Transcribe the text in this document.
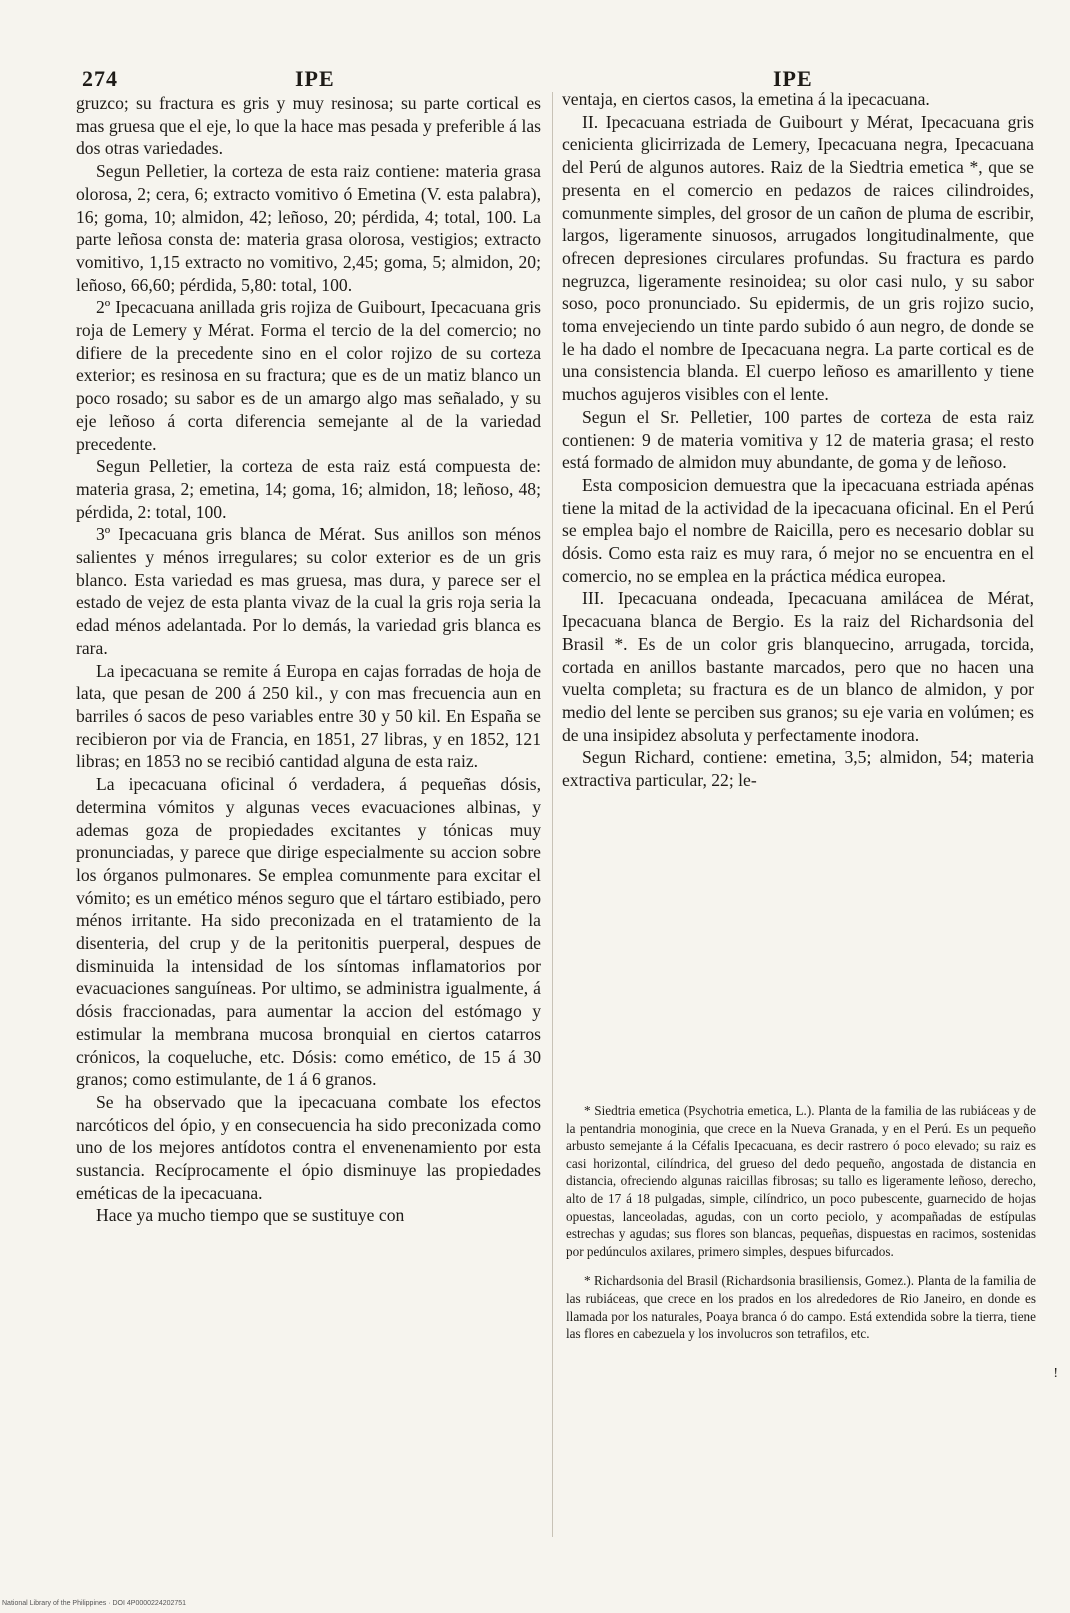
274	IPE	IPE

gruzco; su fractura es gris y muy resinosa; su parte cortical es mas gruesa que el eje, lo que la hace mas pesada y preferible á las dos otras variedades.

Segun Pelletier, la corteza de esta raiz contiene: materia grasa olorosa, 2; cera, 6; extracto vomitivo ó Emetina (V. esta palabra), 16; goma, 10; almidon, 42; leñoso, 20; pérdida, 4; total, 100. La parte leñosa consta de: materia grasa olorosa, vestigios; extracto vomitivo, 1,15 extracto no vomitivo, 2,45; goma, 5; almidon, 20; leñoso, 66,60; pérdida, 5,80: total, 100.

2º Ipecacuana anillada gris rojiza de Guibourt, Ipecacuana gris roja de Lemery y Mérat. Forma el tercio de la del comercio; no difiere de la precedente sino en el color rojizo de su corteza exterior; es resinosa en su fractura; que es de un matiz blanco un poco rosado; su sabor es de un amargo algo mas señalado, y su eje leñoso á corta diferencia semejante al de la variedad precedente.

Segun Pelletier, la corteza de esta raiz está compuesta de: materia grasa, 2; emetina, 14; goma, 16; almidon, 18; leñoso, 48; pérdida, 2: total, 100.

3º Ipecacuana gris blanca de Mérat. Sus anillos son ménos salientes y ménos irregulares; su color exterior es de un gris blanco. Esta variedad es mas gruesa, mas dura, y parece ser el estado de vejez de esta planta vivaz de la cual la gris roja seria la edad ménos adelantada. Por lo demás, la variedad gris blanca es rara.

La ipecacuana se remite á Europa en cajas forradas de hoja de lata, que pesan de 200 á 250 kil., y con mas frecuencia aun en barriles ó sacos de peso variables entre 30 y 50 kil. En España se recibieron por via de Francia, en 1851, 27 libras, y en 1852, 121 libras; en 1853 no se recibió cantidad alguna de esta raiz.

La ipecacuana oficinal ó verdadera, á pequeñas dósis, determina vómitos y algunas veces evacuaciones albinas, y ademas goza de propiedades excitantes y tónicas muy pronunciadas, y parece que dirige especialmente su accion sobre los órganos pulmonares. Se emplea comunmente para excitar el vómito; es un emético ménos seguro que el tártaro estibiado, pero ménos irritante. Ha sido preconizada en el tratamiento de la disenteria, del crup y de la peritonitis puerperal, despues de disminuida la intensidad de los síntomas inflamatorios por evacuaciones sanguíneas. Por ultimo, se administra igualmente, á dósis fraccionadas, para aumentar la accion del estómago y estimular la membrana mucosa bronquial en ciertos catarros crónicos, la coqueluche, etc. Dósis: como emético, de 15 á 30 granos; como estimulante, de 1 á 6 granos.

Se ha observado que la ipecacuana combate los efectos narcóticos del ópio, y en consecuencia ha sido preconizada como uno de los mejores antídotos contra el envenenamiento por esta sustancia. Recíprocamente el ópio disminuye las propiedades eméticas de la ipecacuana.

Hace ya mucho tiempo que se sustituye con

ventaja, en ciertos casos, la emetina á la ipecacuana.

II. Ipecacuana estriada de Guibourt y Mérat, Ipecacuana gris cenicienta glicirrizada de Lemery, Ipecacuana negra, Ipecacuana del Perú de algunos autores. Raiz de la Siedtria emetica *, que se presenta en el comercio en pedazos de raices cilindroides, comunmente simples, del grosor de un cañon de pluma de escribir, largos, ligeramente sinuosos, arrugados longitudinalmente, que ofrecen depresiones circulares profundas. Su fractura es pardo negruzca, ligeramente resinoidea; su olor casi nulo, y su sabor soso, poco pronunciado. Su epidermis, de un gris rojizo sucio, toma envejeciendo un tinte pardo subido ó aun negro, de donde se le ha dado el nombre de Ipecacuana negra. La parte cortical es de una consistencia blanda. El cuerpo leñoso es amarillento y tiene muchos agujeros visibles con el lente.

Segun el Sr. Pelletier, 100 partes de corteza de esta raiz contienen: 9 de materia vomitiva y 12 de materia grasa; el resto está formado de almidon muy abundante, de goma y de leñoso.

Esta composicion demuestra que la ipecacuana estriada apénas tiene la mitad de la actividad de la ipecacuana oficinal. En el Perú se emplea bajo el nombre de Raicilla, pero es necesario doblar su dósis. Como esta raiz es muy rara, ó mejor no se encuentra en el comercio, no se emplea en la práctica médica europea.

III. Ipecacuana ondeada, Ipecacuana amilácea de Mérat, Ipecacuana blanca de Bergio. Es la raiz del Richardsonia del Brasil *. Es de un color gris blanquecino, arrugada, torcida, cortada en anillos bastante marcados, pero que no hacen una vuelta completa; su fractura es de un blanco de almidon, y por medio del lente se perciben sus granos; su eje varia en volúmen; es de una insipidez absoluta y perfectamente inodora.

Segun Richard, contiene: emetina, 3,5; almidon, 54; materia extractiva particular, 22; le-

* Siedtria emetica (Psychotria emetica, L.). Planta de la familia de las rubiáceas y de la pentandria monoginia, que crece en la Nueva Granada, y en el Perú. Es un pequeño arbusto semejante á la Céfalis Ipecacuana, es decir rastrero ó poco elevado; su raiz es casi horizontal, cilíndrica, del grueso del dedo pequeño, angostada de distancia en distancia, ofreciendo algunas raicillas fibrosas; su tallo es ligeramente leñoso, derecho, alto de 17 á 18 pulgadas, simple, cilíndrico, un poco pubescente, guarnecido de hojas opuestas, lanceoladas, agudas, con un corto peciolo, y acompañadas de estípulas estrechas y agudas; sus flores son blancas, pequeñas, dispuestas en racimos, sostenidas por pedúnculos axilares, primero simples, despues bifurcados.

* Richardsonia del Brasil (Richardsonia brasiliensis, Gomez.). Planta de la familia de las rubiáceas, que crece en los prados en los alrededores de Rio Janeiro, en donde es llamada por los naturales, Poaya branca ó do campo. Está extendida sobre la tierra, tiene las flores en cabezuela y los involucros son tetrafilos, etc.

!
National Library of the Philippines · DOI 4P0000224202751
